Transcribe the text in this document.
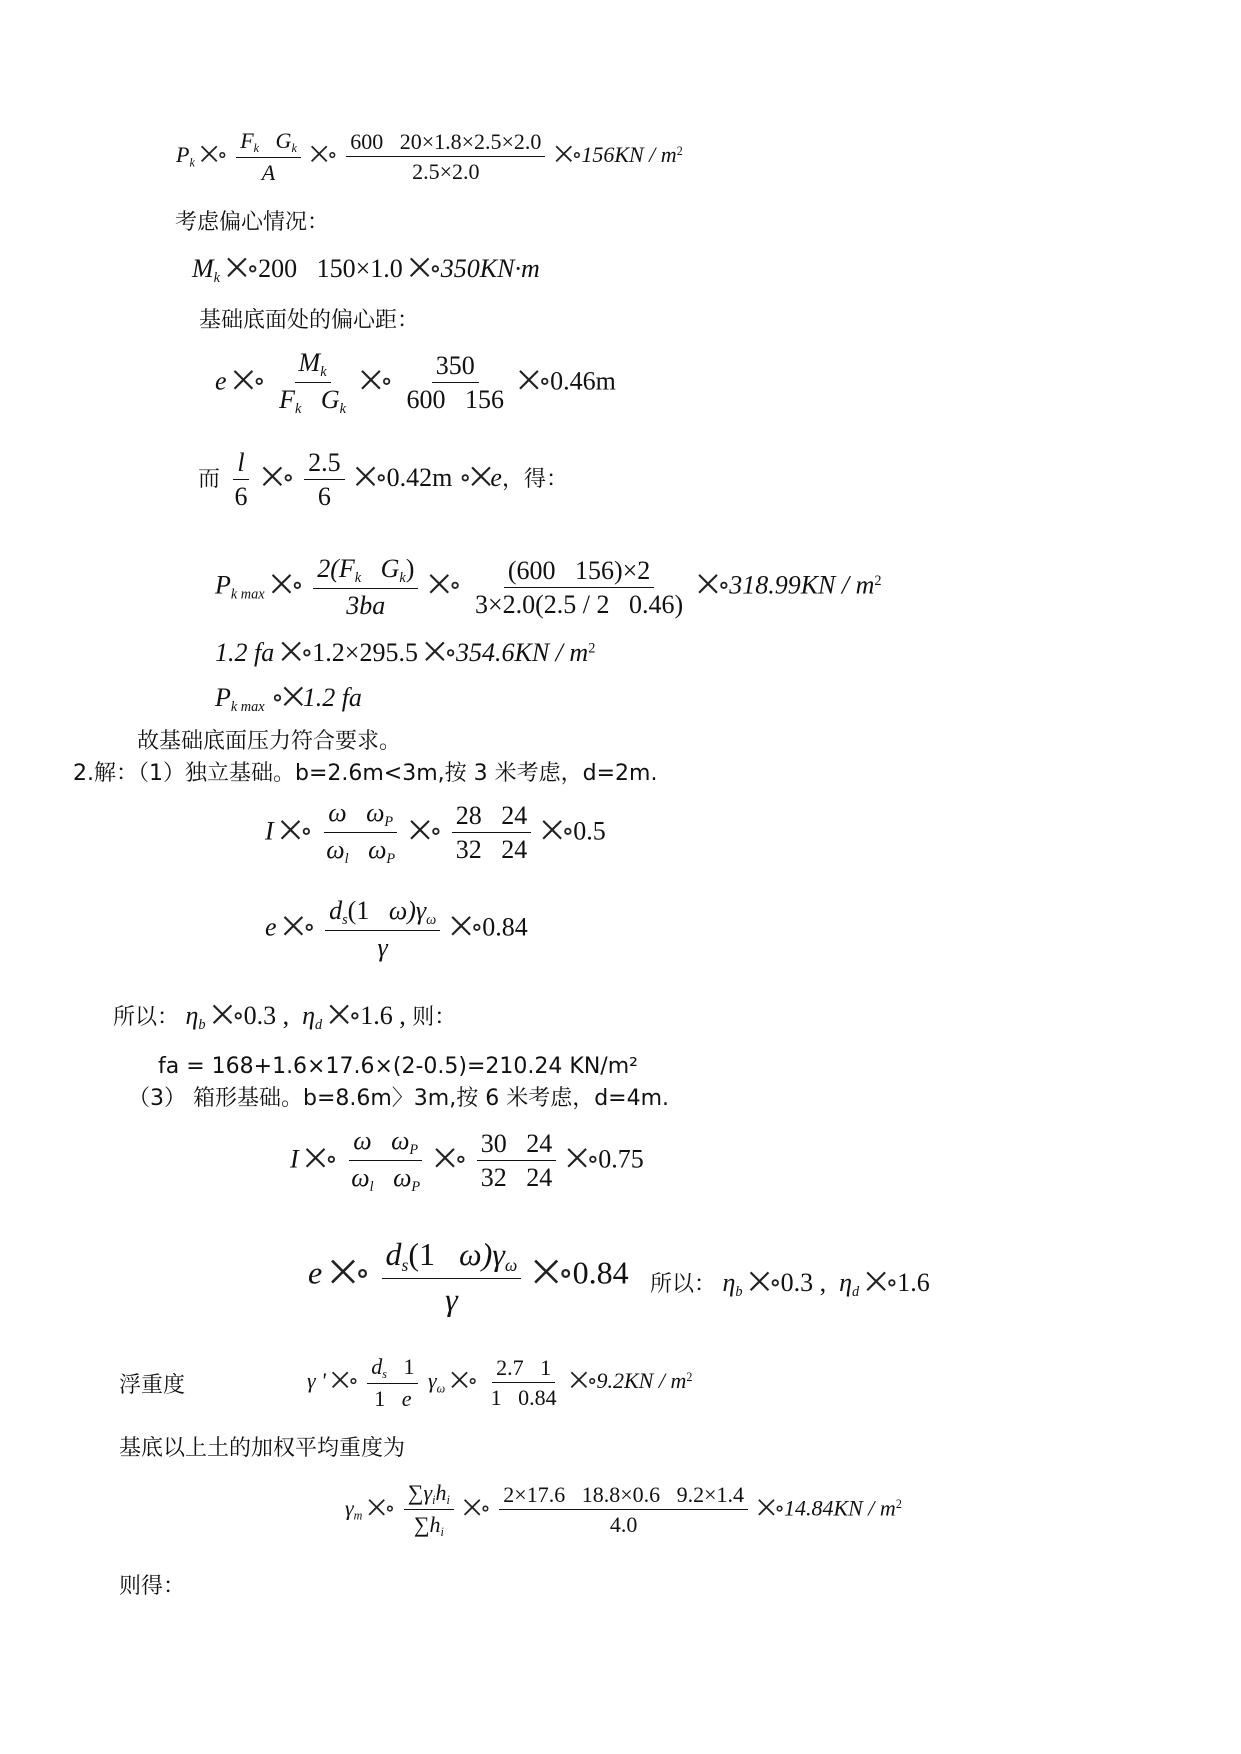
$P_k$ ⨉∘ $\frac{F_k G_k}{A}$ ⨉∘ $\frac{600 20\times 1.8\times 2.5\times 2.0}{2.5\times 2.0}$ ⨉∘156KN / $m^2$
考虑偏心情况：
$M_k$ ⨉∘200 150×1.0 ⨉∘350KN·m
基础底面处的偏心距：
e ⨉∘ $\frac{M_k}{F_k G_k}$ ⨉∘ $\frac{350}{600 156}$ ⨉∘0.46m
而 $\frac{l}{6}$ ⨉∘ $\frac{2.5}{6}$ ⨉∘0.42m ∘⨉e，得：
$P_{k max}$ ⨉∘ $\frac{2(F_k G_k)}{3ba}$ ⨉∘ $\frac{(600 156)\times 2}{3\times 2.0(2.5 / 2 0.46)}$ ⨉∘318.99KN / $m^2$
1.2 fa ⨉∘1.2×295.5 ⨉∘354.6KN / $m^2$
$P_{k max}$ ∘⨉1.2 fa
故基础底面压力符合要求。
2.解：（1）独立基础。b=2.6m<3m,按 3 米考虑，d=2m.
I ⨉∘ $\frac{\omega \omega_P}{\omega_l \omega_P}$ ⨉∘ $\frac{28 24}{32 24}$ ⨉∘0.5
e ⨉∘ $\frac{d_s(1 \omega)\gamma_\omega}{\gamma}$ ⨉∘0.84
所以： $\eta_b$ ⨉∘0.3 , $\eta_d$ ⨉∘1.6 , 则：
fa = 168+1.6×17.6×(2-0.5)=210.24 KN/m²
（3） 箱形基础。b=8.6m〉3m,按 6 米考虑，d=4m.
I ⨉∘ $\frac{\omega \omega_P}{\omega_l \omega_P}$ ⨉∘ $\frac{30 24}{32 24}$ ⨉∘0.75
e ⨉∘ $\frac{d_s(1 \omega)\gamma_\omega}{\gamma}$ ⨉∘0.84 所以： $\eta_b$ ⨉∘0.3 , $\eta_d$ ⨉∘1.6
浮重度	γ ' ⨉∘ $\frac{d_s 1}{1 e} \gamma_\omega$ ⨉∘ $\frac{2.7 1}{1 0.84}$ ⨉∘9.2KN / $m^2$
基底以上土的加权平均重度为
$\gamma_m$ ⨉∘ $\frac{\sum\gamma_ih_i}{\sum h_i}$ ⨉∘ $\frac{2\times 17.6 18.8\times 0.6 9.2\times 1.4}{4.0}$ ⨉∘14.84KN / $m^2$
则得：
